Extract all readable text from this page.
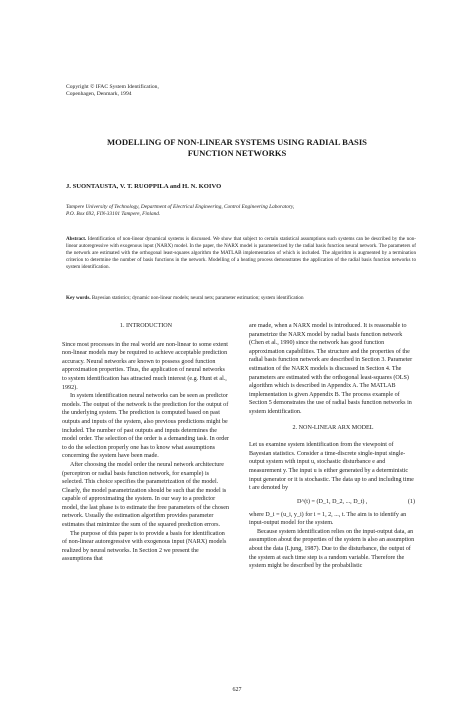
Copyright © IFAC System Identification,
Copenhagen, Denmark, 1994
MODELLING OF NON-LINEAR SYSTEMS USING RADIAL BASIS
FUNCTION NETWORKS
J. SUONTAUSTA, V. T. RUOPPILA and H. N. KOIVO
Tampere University of Technology, Department of Electrical Engineering, Control Engineering Laboratory,
P.O. Box 692, FIN-33101 Tampere, Finland.
Abstract. Identification of non-linear dynamical systems is discussed. We show that subject to certain statistical assumptions such systems can be described by the non-linear autoregressive with exogenous input (NARX) model. In the paper, the NARX model is parameterized by the radial basis function neural network. The parameters of the network are estimated with the orthogonal least-squares algorithm the MATLAB implementation of which is included. The algorithm is augmented by a termination criterion to determine the number of basis functions in the network. Modelling of a heating process demonstrates the application of the radial basis function networks to system identification.
Key words. Bayesian statistics; dynamic non-linear models; neural nets; parameter estimation; system identification
1. INTRODUCTION

Since most processes in the real world are non-linear to some extent non-linear models may be required to achieve acceptable prediction accuracy. Neural networks are known to possess good function approximation properties. Thus, the application of neural networks to system identification has attracted much interest (e.g. Hunt et al., 1992).

In system identification neural networks can be seen as predictor models. The output of the network is the prediction for the output of the underlying system. The prediction is computed based on past outputs and inputs of the system, also previous predictions might be included. The number of past outputs and inputs determines the model order. The selection of the order is a demanding task. In order to do the selection properly one has to know what assumptions concerning the system have been made.

After choosing the model order the neural network architecture (perceptron or radial basis function network, for example) is selected. This choice specifies the parametrization of the model. Clearly, the model parametrization should be such that the model is capable of approximating the system. In our way to a predictor model, the last phase is to estimate the free parameters of the chosen network. Usually the estimation algorithm provides parameter estimates that minimize the sum of the squared prediction errors.

The purpose of this paper is to provide a basis for identification of non-linear autoregressive with exogenous input (NARX) models realized by neural networks. In Section 2 we present the assumptions that

are made, when a NARX model is introduced. It is reasonable to parametrize the NARX model by radial basis function network (Chen et al., 1990) since the network has good function approximation capabilities. The structure and the properties of the radial basis function network are described in Section 3. Parameter estimation of the NARX models is discussed in Section 4. The parameters are estimated with the orthogonal least-squares (OLS) algorithm which is described in Appendix A. The MATLAB implementation is given Appendix B. The process example of Section 5 demonstrates the use of radial basis function networks in system identification.

2. NON-LINEAR ARX MODEL

Let us examine system identification from the viewpoint of Bayesian statistics. Consider a time-discrete single-input single-output system with input u, stochastic disturbance e and measurement y. The input u is either generated by a deterministic input generator or it is stochastic. The data up to and including time t are denoted by

D^(t) = (D_1, D_2, ..., D_t) ,	(1)

where D_i = (u_i, y_i) for i = 1, 2, ..., t. The aim is to identify an input-output model for the system.

Because system identification relies on the input-output data, an assumption about the properties of the system is also an assumption about the data (Ljung, 1987). Due to the disturbance, the output of the system at each time step is a random variable. Therefore the system might be described by the probabilistic

627
